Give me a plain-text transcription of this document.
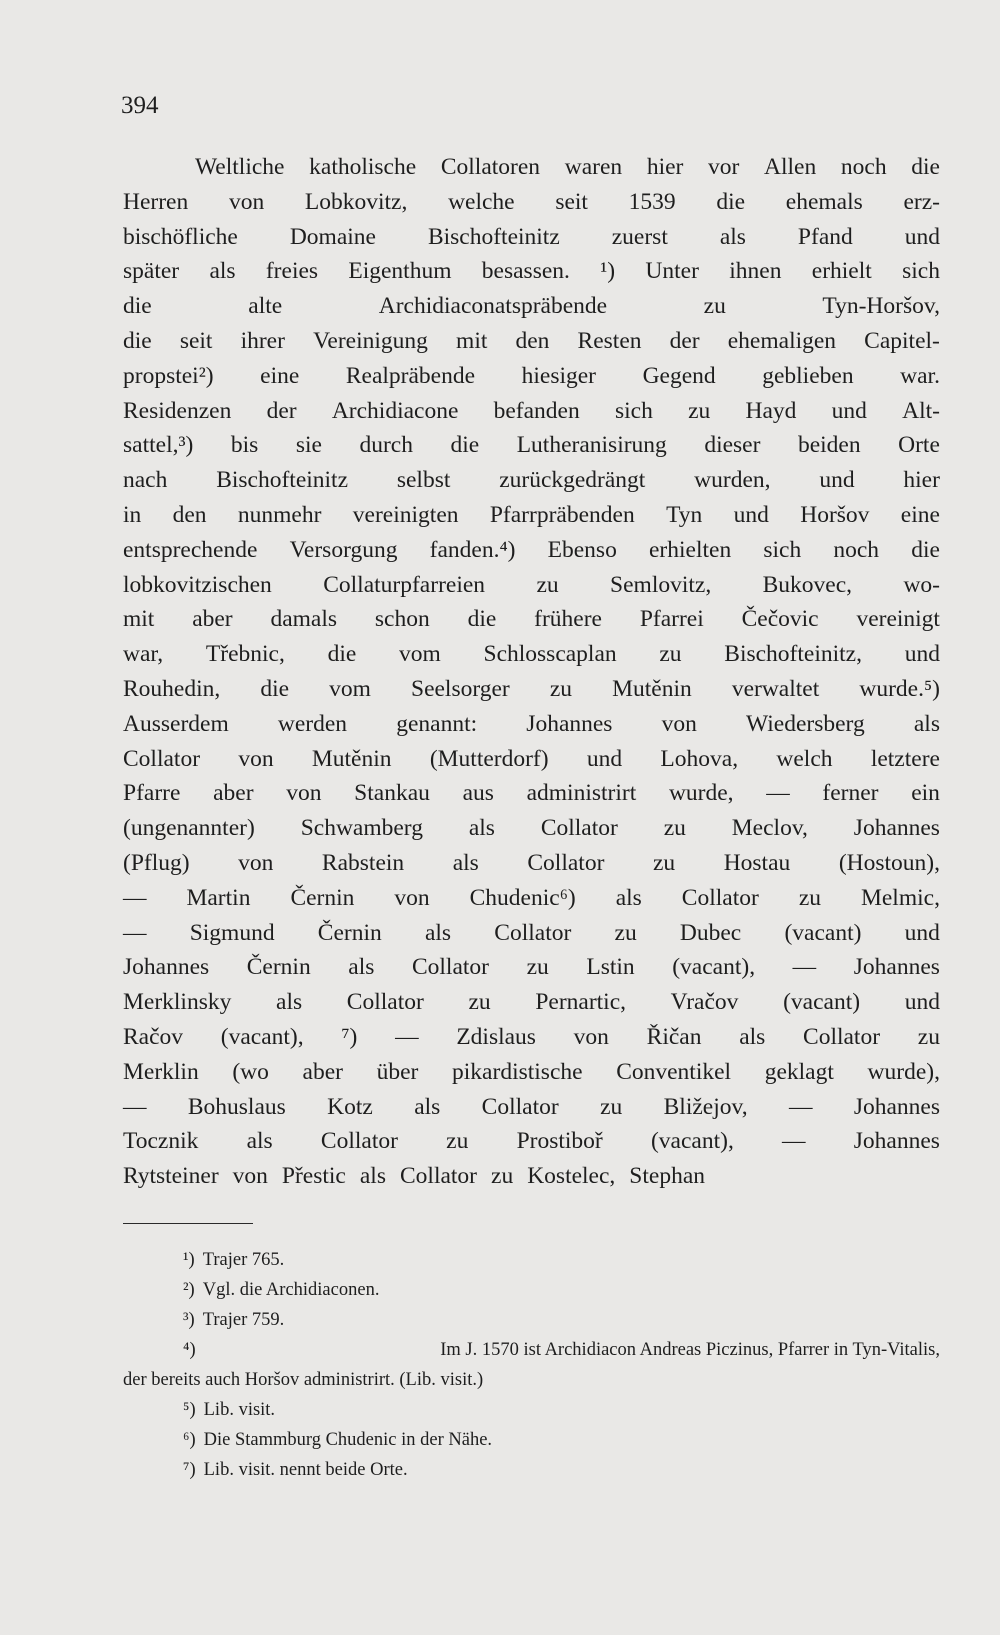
394
Weltliche katholische Collatoren waren hier vor Allen noch die
Herren von Lobkovitz, welche seit 1539 die ehemals erz-
bischöfliche Domaine Bischofteinitz zuerst als Pfand und
später als freies Eigenthum besassen. ¹) Unter ihnen erhielt sich
die	alte	Archidiaconatspräbende	zu	Tyn-Horšov,
die seit ihrer Vereinigung mit den Resten der ehemaligen Capitel-
propstei²) eine Realpräbende hiesiger Gegend geblieben war.
Residenzen der Archidiacone befanden sich zu Hayd und Alt-
sattel,³) bis sie durch die Lutheranisirung dieser beiden Orte
nach Bischofteinitz selbst zurückgedrängt wurden, und hier
in den nunmehr vereinigten Pfarrpräbenden Tyn und Horšov eine
entsprechende Versorgung fanden.⁴) Ebenso erhielten sich noch die
lobkovitzischen Collaturpfarreien zu Semlovitz, Bukovec, wo-
mit aber damals schon die frühere Pfarrei Čečovic vereinigt
war, Třebnic, die vom Schlosscaplan zu Bischofteinitz, und
Rouhedin, die vom Seelsorger zu Mutěnin verwaltet wurde.⁵)
Ausserdem werden genannt: Johannes von Wiedersberg als
Collator von Mutěnin (Mutterdorf) und Lohova, welch letztere
Pfarre aber von Stankau aus administrirt wurde, — ferner ein
(ungenannter) Schwamberg als Collator zu Meclov, Johannes
(Pflug) von Rabstein als Collator zu Hostau (Hostoun),
— Martin Černin von Chudenic⁶) als Collator zu Melmic,
— Sigmund Černin als Collator zu Dubec (vacant) und
Johannes Černin als Collator zu Lstin (vacant), — Johannes
Merklinsky als Collator zu Pernartic, Vračov (vacant) und
Račov (vacant), ⁷) — Zdislaus von Řičan als Collator zu
Merklin (wo aber über pikardistische Conventikel geklagt wurde),
— Bohuslaus Kotz als Collator zu Bližejov, — Johannes
Tocznik als Collator zu Prostiboř (vacant), — Johannes
Rytsteiner von Přestic als Collator zu Kostelec, Stephan
¹) Trajer 765.
²) Vgl. die Archidiaconen.
³) Trajer 759.
⁴)	Im J. 1570 ist Archidiacon Andreas Piczinus, Pfarrer in Tyn-Vitalis,
der bereits auch Horšov administrirt. (Lib. visit.)
⁵) Lib. visit.
⁶) Die Stammburg Chudenic in der Nähe.
⁷) Lib. visit. nennt beide Orte.
